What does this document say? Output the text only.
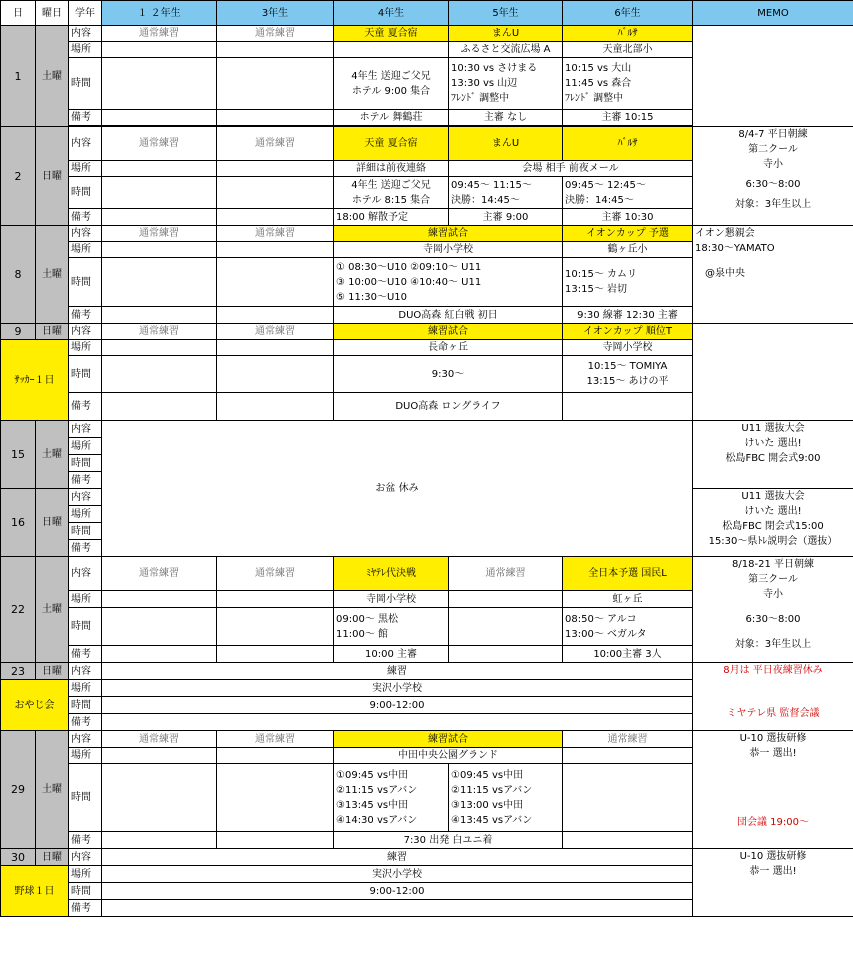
日	曜日	学年	１ ２年生	3年生	4年生	5年生	6年生	MEMO
1	土曜	内容	通常練習	通常練習	天童 夏合宿	まんU	ﾊﾞﾙｻ	
		場所				ふるさと交流広場 A	天童北部小	
		時間			4年生 送迎ご父兄
ホテル 9:00 集合	10:30 vs さけまる
13:30 vs 山辺
ﾌﾚﾝﾄﾞ 調整中	10:15 vs 大山
11:45 vs 森合
ﾌﾚﾝﾄﾞ 調整中	

		備考			ホテル 舞鶴荘	主審 なし	主審 10:15	

2	日曜	内容	通常練習	通常練習	天童 夏合宿	まんU	ﾊﾞﾙｻ	8/4-7 平日朝練
第二クール
寺小
6:30～8:00
対象：3年生以上

		場所			詳細は前夜連絡	会場 相手 前夜メール		
		時間			4年生 送迎ご父兄
ホテル 8:15 集合	09:45～ 11:15～
決勝：14:45～	09:45～ 12:45～
決勝：14:45～	

		備考			18:00 解散予定	主審 9:00	主審 10:30	
8	土曜	内容	通常練習	通常練習	練習試合		イオンカップ 予選	イオン懇親会
18:30～YAMATO
@泉中央

		場所			寺岡小学校		鶴ヶ丘小	
		時間			① 08:30～U10 ②09:10～ U11
③ 10:00～U10 ④10:40～ U11
⑤ 11:30～U10		10:15～ カムリ
13:15～ 岩切	

		備考			DUO高森 紅白戦 初日		9:30 線審 12:30 主審	
9	日曜	内容	通常練習	通常練習	練習試合		イオンカップ 順位T	
ｻｯｶｰ１日		場所			長命ヶ丘		寺岡小学校	
		時間			9:30～		10:15～ TOMIYA
13:15～ あけの平	

		備考			DUO高森 ロングライフ			
15	土曜	内容	お盆 休み					U11 選抜大会
けいた 選出!
松島FBC 開会式9:00

		場所						
		時間						
		備考						
16	日曜	内容						U11 選抜大会
けいた 選出!
松島FBC 閉会式15:00
15:30～県ﾄﾚ説明会（選抜）

		場所						
		時間						
		備考						
22	土曜	内容	通常練習	通常練習	ﾐﾔﾃﾚ代決戦	通常練習	全日本予選 国民L	8/18-21 平日朝練
第三クール
寺小
6:30～8:00
対象：3年生以上

		場所			寺岡小学校		虹ヶ丘	
		時間			09:00～ 黒松
11:00～ 館		08:50～ アルコ
13:00～ ベガルタ	

		備考			10:00 主審		10:00主審 3人	
23	日曜	内容	練習					8月は 平日夜練習休み
ミヤテレ県 監督会議

おやじ会		場所	実沢小学校					
		時間	9:00-12:00					
		備考						
29	土曜	内容	通常練習	通常練習	練習試合		通常練習	U-10 選抜研修
恭一 選出!
団会議 19:00～

		場所			中田中央公園グランド			
		時間			①09:45 vs中田
②11:15 vsアバン
③13:45 vs中田
④14:30 vsアバン	①09:45 vs中田
②11:15 vsアバン
③13:00 vs中田
④13:45 vsアバン		

		備考			7:30 出発 白ユニ着			
30	日曜	内容	練習					U-10 選抜研修
恭一 選出!

野球１日		場所	実沢小学校					
		時間	9:00-12:00					
		備考						
